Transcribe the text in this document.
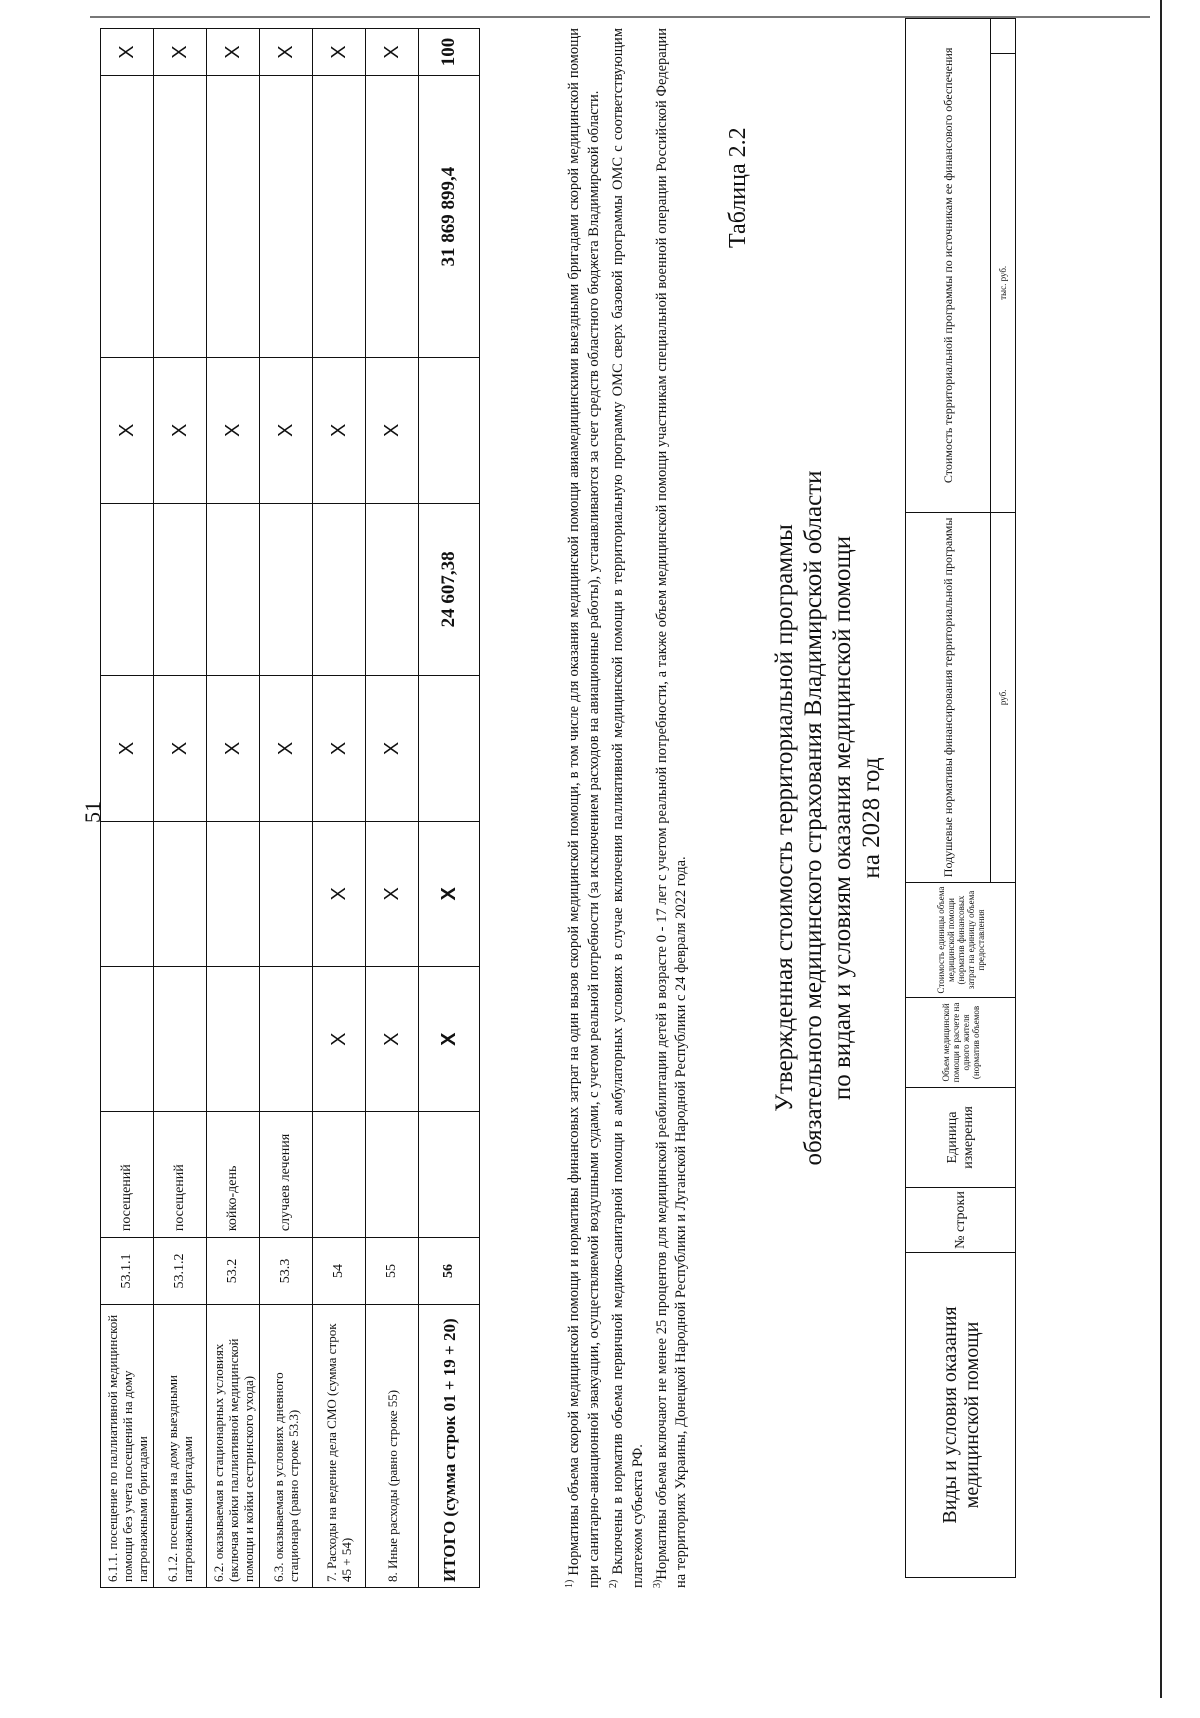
51
6.1.1. посещение по паллиативной медицинской помощи без учета посещений на дому патронажными бригадами	53.1.1	посещений			X		X		X
6.1.2. посещения на дому выездными патронажными бригадами	53.1.2	посещений			X		X		X
6.2. оказываемая в стационарных условиях (включая койки паллиативной медицинской помощи и койки сестринского ухода)	53.2	койко-день			X		X		X
6.3. оказываемая в условиях дневного стационара (равно строке 53.3)	53.3	случаев лечения			X		X		X
7. Расходы на ведение дела СМО (сумма строк 45 + 54)	54		X	X	X		X		X
8. Иные расходы (равно строке 55)	55		X	X	X		X		X
ИТОГО (сумма строк 01 + 19 + 20)	56		X	X		24 607,38		31 869 899,4	100

$^{1)}$ Нормативы объема скорой медицинской помощи и нормативы финансовых затрат на один вызов скорой медицинской помощи, в том числе для оказания медицинской помощи авиамедицинскими выездными бригадами скорой медицинской помощи при санитарно-авиационной эвакуации, осуществляемой воздушными судами, с учетом реальной потребности (за исключением расходов на авиационные работы), устанавливаются за счет средств областного бюджета Владимирской области. $^{2)}$ Включены в норматив объема первичной медико-санитарной помощи в амбулаторных условиях в случае включения паллиативной медицинской помощи в территориальную программу ОМС сверх базовой программы ОМС с соответствующим платежом субъекта РФ. $^{3)}$Нормативы объема включают не менее 25 процентов для медицинской реабилитации детей в возрасте 0 - 17 лет с учетом реальной потребности, а также объем медицинской помощи участникам специальной военной операции Российской Федерации на территориях Украины, Донецкой Народной Республики и Луганской Народной Республики с 24 февраля 2022 года.

Таблица 2.2
Утвержденная стоимость территориальной программы обязательного медицинского страхования Владимирской области по видам и условиям оказания медицинской помощи на 2028 год
Виды и условия оказания медицинской помощи	№ строки	Единица измерения	Объем медицинской помощи в расчете на одного жителя (норматив объемов	Стоимость единицы объема медицинской помощи (норматив финансовых затрат на единицу объема предоставления	Подушевые нормативы финансирования территориальной программы	Стоимость территориальной программы по источникам ее финансового обеспечения	
					руб.	тыс. руб.	
